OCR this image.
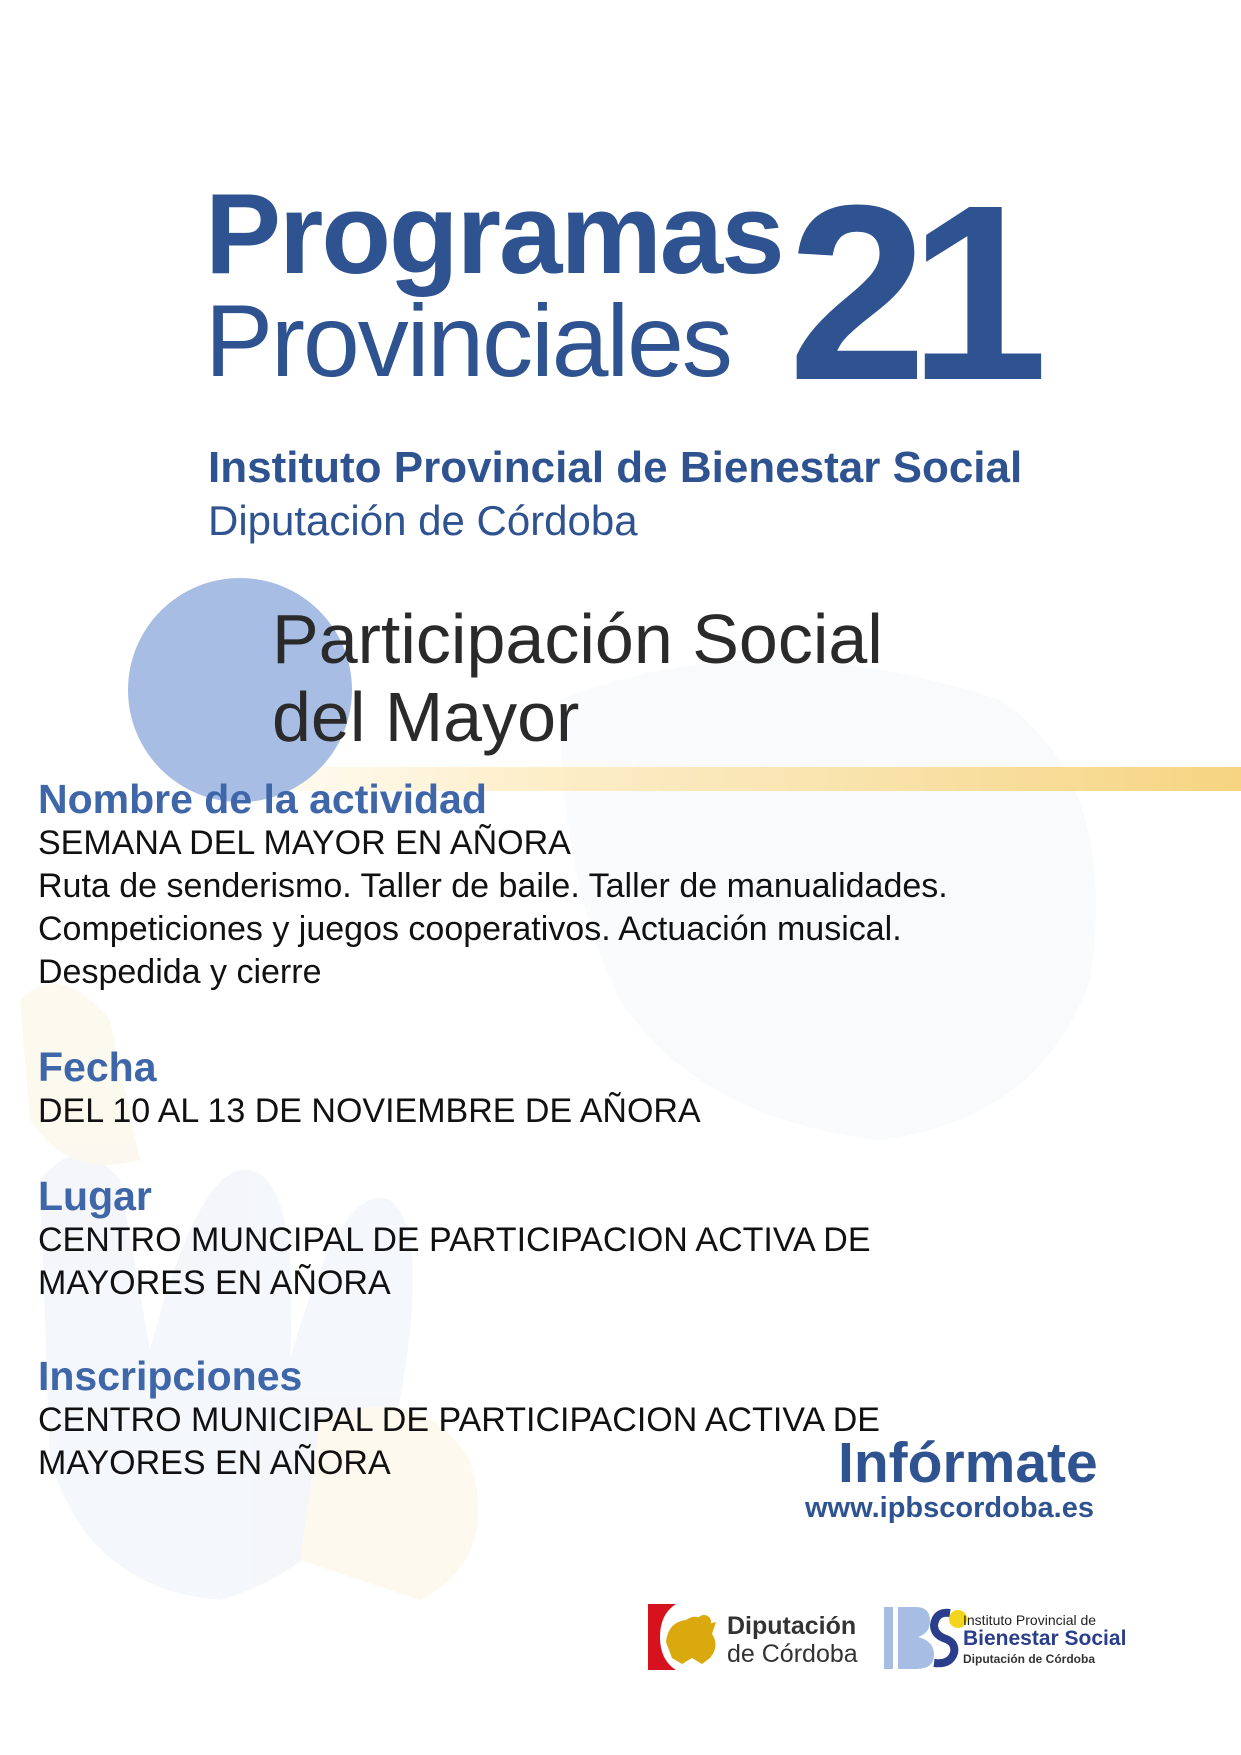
Programas
Provinciales 21
Instituto Provincial de Bienestar Social
Diputación de Córdoba
Participación Social
del Mayor
Nombre de la actividad
SEMANA DEL MAYOR EN AÑORA
Ruta de senderismo. Taller de baile. Taller de manualidades.
Competiciones y juegos cooperativos. Actuación musical.
Despedida y cierre
Fecha
DEL 10 AL 13 DE NOVIEMBRE DE AÑORA
Lugar
CENTRO MUNCIPAL DE PARTICIPACION ACTIVA DE
MAYORES EN AÑORA
Inscripciones
CENTRO MUNICIPAL DE PARTICIPACION ACTIVA DE
MAYORES EN AÑORA	Infórmate
www.ipbscordoba.es
Diputación
de Córdoba
Instituto Provincial de
Bienestar Social
Diputación de Córdoba
